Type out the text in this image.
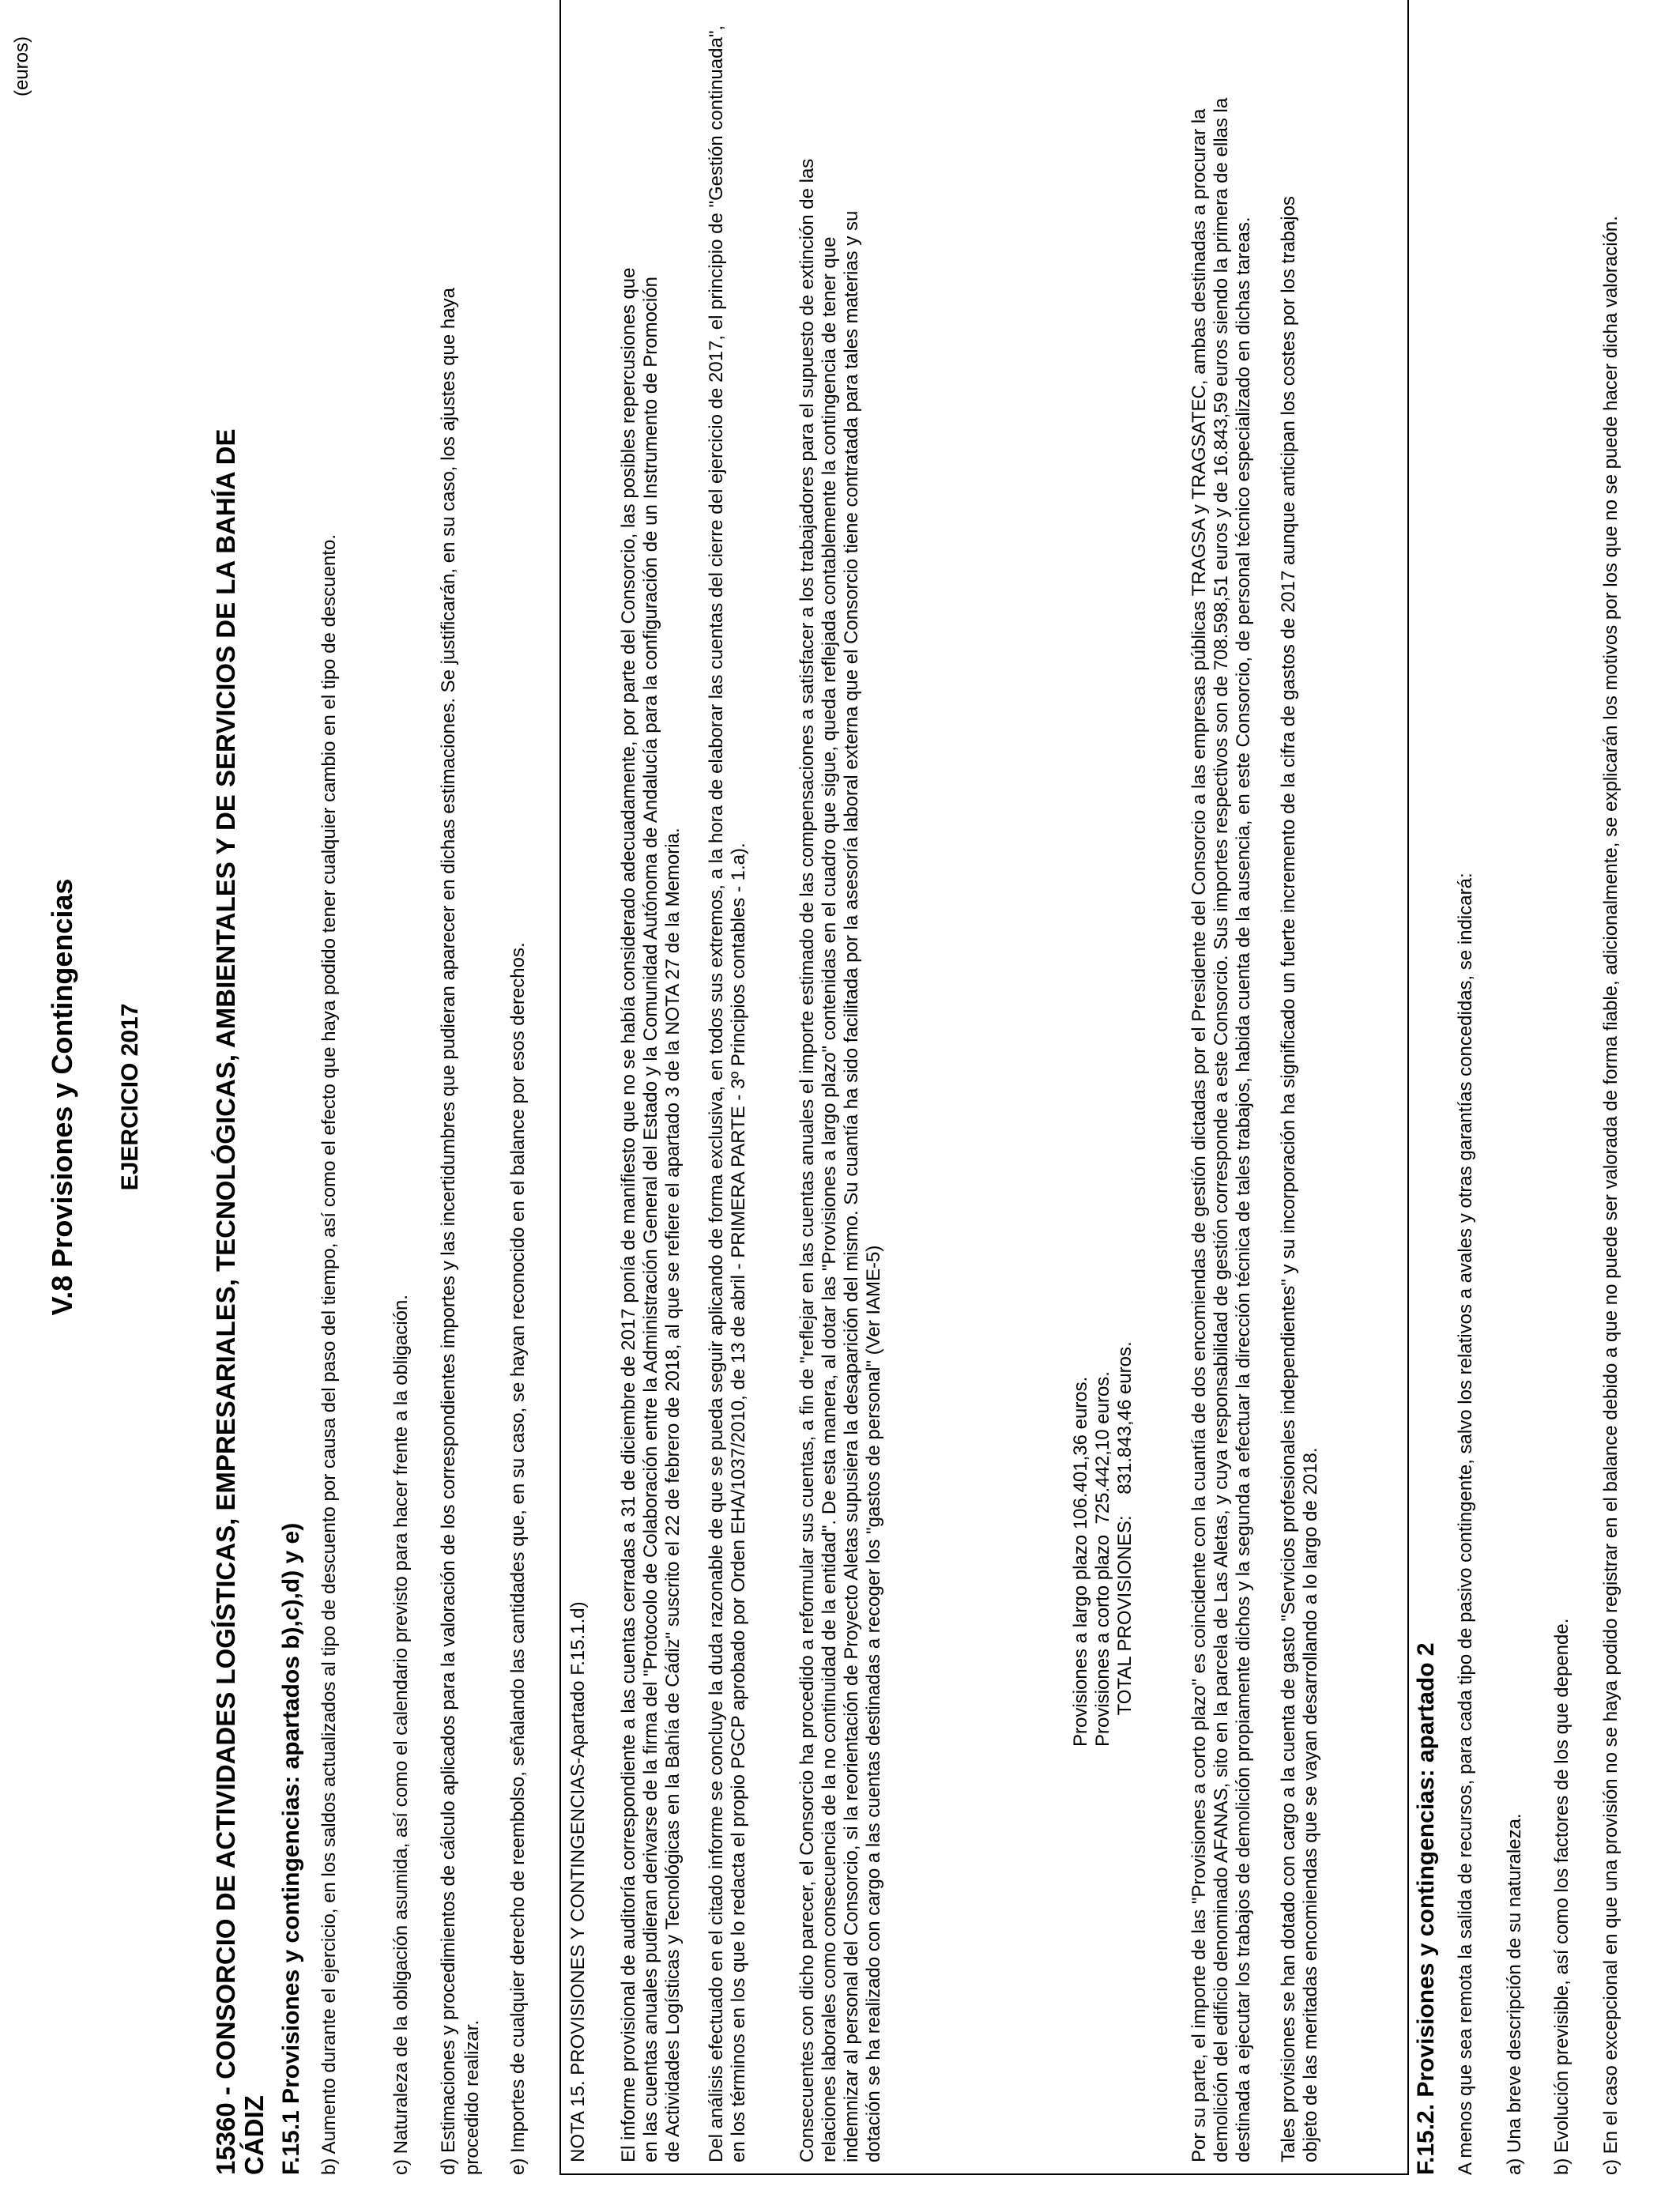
(euros)
V.8 Provisiones y Contingencias EJERCICIO 2017	15360 - CONSORCIO DE ACTIVIDADES LOGÍSTICAS, EMPRESARIALES, TECNOLÓGICAS, AMBIENTALES Y DE SERVICIOS DE LA BAHÍA DE CÁDIZ F.15.1 Provisiones y contingencias: apartados b),c),d) y e) b) Aumento durante el ejercicio, en los saldos actualizados al tipo de descuento por causa del paso del tiempo, así como el efecto que haya podido tener cualquier cambio en el tipo de descuento.	c) Naturaleza de la obligación asumida, así como el calendario previsto para hacer frente a la obligación. d) Estimaciones y procedimientos de cálculo aplicados para la valoración de los correspondientes importes y las incertidumbres que pudieran aparecer en dichas estimaciones. Se justificarán, en su caso, los ajustes que haya procedido realizar. e) Importes de cualquier derecho de reembolso, señalando las cantidades que, en su caso, se hayan reconocido en el balance por esos derechos. NOTA 15. PROVISIONES Y CONTINGENCIAS-Apartado F.15.1.d) El informe provisional de auditoría correspondiente a las cuentas cerradas a 31 de diciembre de 2017 ponía de manifiesto que no se había considerado adecuadamente, por parte del Consorcio, las posibles repercusiones que en las cuentas anuales pudieran derivarse de la firma del "Protocolo de Colaboración entre la Administración General del Estado y la Comunidad Autónoma de Andalucía para la configuración de un Instrumento de Promoción de Actividades Logísticas y Tecnológicas en la Bahía de Cádiz" suscrito el 22 de febrero de 2018, al que se refiere el apartado 3 de la NOTA 27 de la Memoria. Del análisis efectuado en el citado informe se concluye la duda razonable de que se pueda seguir aplicando de forma exclusiva, en todos sus extremos, a la hora de elaborar las cuentas del cierre del ejercicio de 2017, el principio de "Gestión continuada", en los términos en los que lo redacta el propio PGCP aprobado por Orden EHA/1037/2010, de 13 de abril - PRIMERA PARTE - 3º Principios contables - 1.a).	Consecuentes con dicho parecer, el Consorcio ha procedido a reformular sus cuentas, a fin de "reflejar en las cuentas anuales el importe estimado de las compensaciones a satisfacer a los trabajadores para el supuesto de extinción de las relaciones laborales como consecuencia de la no continuidad de la entidad". De esta manera, al dotar las "Provisiones a largo plazo" contenidas en el cuadro que sigue, queda reflejada contablemente la contingencia de tener que indemnizar al personal del Consorcio, si la reorientación de Proyecto Aletas supusiera la desaparición del mismo. Su cuantía ha sido facilitada por la asesoría laboral externa que el Consorcio tiene contratada para tales materias y su dotación se ha realizado con cargo a las cuentas destinadas a recoger los "gastos de personal" (Ver IAME-5)	Provisiones a largo plazo 106.401,36 euros. Provisiones a corto plazo  725.442,10 euros. TOTAL PROVISIONES:    831.843,46 euros.	Por su parte, el importe de las "Provisiones a corto plazo" es coincidente con la cuantía de dos encomiendas de gestión dictadas por el Presidente del Consorcio a las empresas públicas TRAGSA y TRAGSATEC, ambas destinadas a procurar la demolición del edificio denominado AFANAS, sito en la parcela de Las Aletas, y cuya responsabilidad de gestión corresponde a este Consorcio. Sus importes respectivos son de 708.598,51 euros y de 16.843,59 euros siendo la primera de ellas la destinada a ejecutar los trabajos de demolición propiamente dichos y la segunda a efectuar la dirección técnica de tales trabajos, habida cuenta de la ausencia, en este Consorcio, de personal técnico especializado en dichas tareas. Tales provisiones se han dotado con cargo a la cuenta de gasto "Servicios profesionales independientes" y su incorporación ha significado un fuerte incremento de la cifra de gastos de 2017 aunque anticipan los costes por los trabajos objeto de las meritadas encomiendas que se vayan desarrollando a lo largo de 2018.	F.15.2. Provisiones y contingencias: apartado 2 A menos que sea remota la salida de recursos, para cada tipo de pasivo contingente, salvo los relativos a avales y otras garantías concedidas, se indicará: a) Una breve descripción de su naturaleza. b) Evolución previsible, así como los factores de los que depende. c) En el caso excepcional en que una provisión no se haya podido registrar en el balance debido a que no puede ser valorada de forma fiable, adicionalmente, se explicarán los motivos por los que no se puede hacer dicha valoración.
